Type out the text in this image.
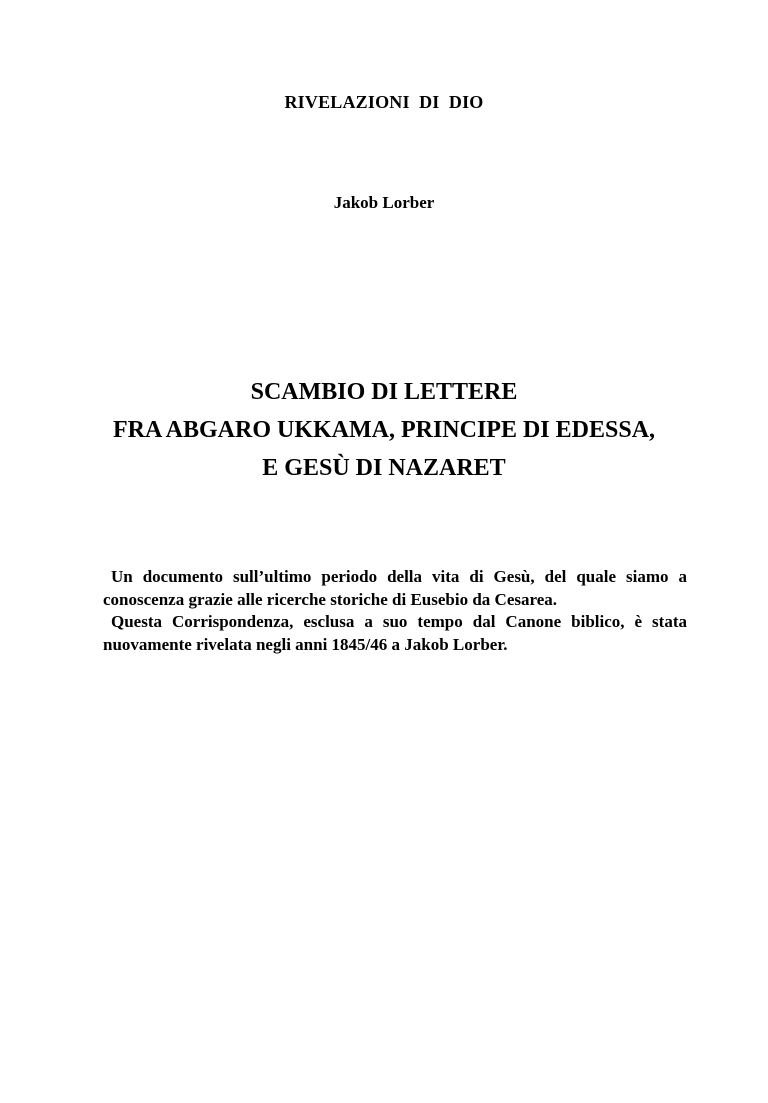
RIVELAZIONI  DI  DIO
Jakob Lorber
SCAMBIO DI LETTERE
FRA ABGARO UKKAMA, PRINCIPE DI EDESSA,
E GESÙ DI NAZARET

Un documento sull’ultimo periodo della vita di Gesù, del quale siamo a conoscenza grazie alle ricerche storiche di Eusebio da Cesarea.

Questa Corrispondenza, esclusa a suo tempo dal Canone biblico, è stata nuovamente rivelata negli anni 1845/46 a Jakob Lorber.
